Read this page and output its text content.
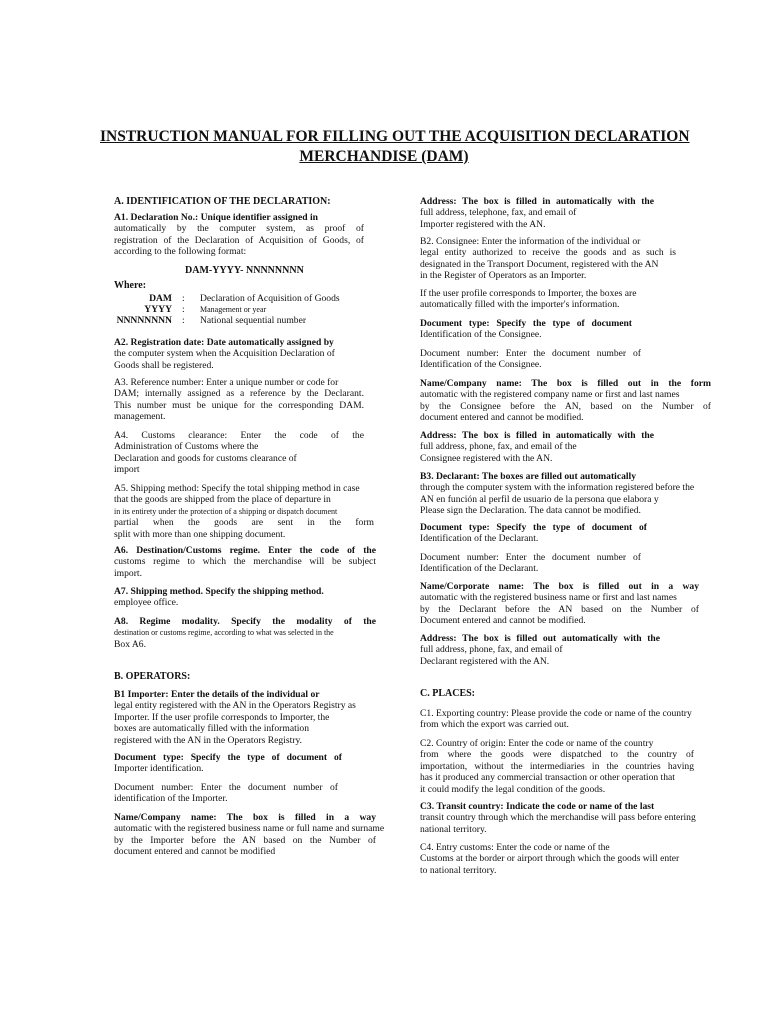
INSTRUCTION MANUAL FOR FILLING OUT THE ACQUISITION DECLARATION
MERCHANDISE (DAM)
A. IDENTIFICATION OF THE DECLARATION:
A1. Declaration No.: Unique identifier assigned in
automatically by the computer system, as proof of
registration of the Declaration of Acquisition of Goods, of
according to the following format:
DAM-YYYY- NNNNNNNN
Where:
DAM : Declaration of Acquisition of Goods
YYYY : Management or year
NNNNNNNN : National sequential number
A2. Registration date: Date automatically assigned by
the computer system when the Acquisition Declaration of
Goods shall be registered.
A3. Reference number: Enter a unique number or code for
DAM; internally assigned as a reference by the Declarant.
This number must be unique for the corresponding DAM.
management.
A4. Customs clearance: Enter the code of the
Administration of Customs where the
Declaration and goods for customs clearance of
import
A5. Shipping method: Specify the total shipping method in case
that the goods are shipped from the place of departure in
in its entirety under the protection of a shipping or dispatch document
partial when the goods are sent in the form
split with more than one shipping document.
A6. Destination/Customs regime. Enter the code of the
customs regime to which the merchandise will be subject
import.
A7. Shipping method. Specify the shipping method.
employee office.
A8. Regime modality. Specify the modality of the
destination or customs regime, according to what was selected in the
Box A6.
B. OPERATORS:
B1 Importer: Enter the details of the individual or
legal entity registered with the AN in the Operators Registry as
Importer. If the user profile corresponds to Importer, the
boxes are automatically filled with the information
registered with the AN in the Operators Registry.
Document type: Specify the type of document of
Importer identification.
Document number: Enter the document number of
identification of the Importer.
Name/Company name: The box is filled in a way
automatic with the registered business name or full name and surname
by the Importer before the AN based on the Number of
document entered and cannot be modified
Address: The box is filled in automatically with the
full address, telephone, fax, and email of
Importer registered with the AN.
B2. Consignee: Enter the information of the individual or
legal entity authorized to receive the goods and as such is
designated in the Transport Document, registered with the AN
in the Register of Operators as an Importer.
If the user profile corresponds to Importer, the boxes are
automatically filled with the importer's information.
Document type: Specify the type of document
Identification of the Consignee.
Document number: Enter the document number of
Identification of the Consignee.
Name/Company name: The box is filled out in the form
automatic with the registered company name or first and last names
by the Consignee before the AN, based on the Number of
document entered and cannot be modified.
Address: The box is filled in automatically with the
full address, phone, fax, and email of the
Consignee registered with the AN.
B3. Declarant: The boxes are filled out automatically
through the computer system with the information registered before the
AN en función al perfil de usuario de la persona que elabora y
Please sign the Declaration. The data cannot be modified.
Document type: Specify the type of document of
Identification of the Declarant.
Document number: Enter the document number of
Identification of the Declarant.
Name/Corporate name: The box is filled out in a way
automatic with the registered business name or first and last names
by the Declarant before the AN based on the Number of
Document entered and cannot be modified.
Address: The box is filled out automatically with the
full address, phone, fax, and email of
Declarant registered with the AN.
C. PLACES:
C1. Exporting country: Please provide the code or name of the country
from which the export was carried out.
C2. Country of origin: Enter the code or name of the country
from where the goods were dispatched to the country of
importation, without the intermediaries in the countries having
has it produced any commercial transaction or other operation that
it could modify the legal condition of the goods.
C3. Transit country: Indicate the code or name of the last
transit country through which the merchandise will pass before entering
national territory.
C4. Entry customs: Enter the code or name of the
Customs at the border or airport through which the goods will enter
to national territory.
